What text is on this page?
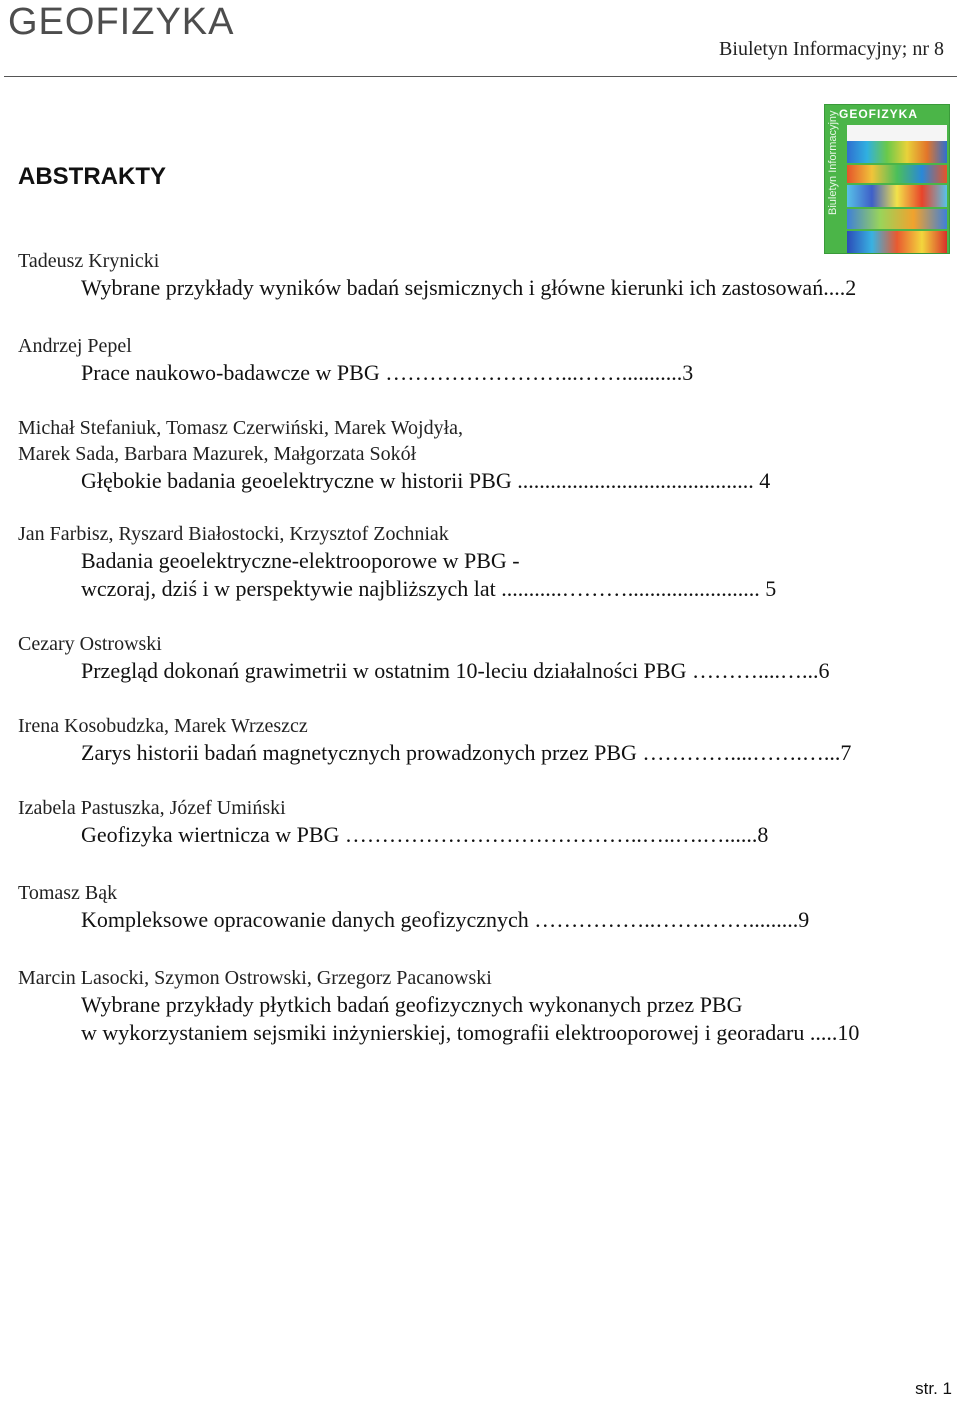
GEOFIZYKA
Biuletyn Informacyjny; nr 8
GEOFIZYKA
Biuletyn Informacyjny
ABSTRAKTY
Tadeusz Krynicki
Wybrane przykłady wyników badań sejsmicznych i główne kierunki ich zastosowań....2
Andrzej Pepel
Prace naukowo-badawcze w PBG ……………………...……...........3
Michał Stefaniuk, Tomasz Czerwiński, Marek Wojdyła,
Marek Sada, Barbara Mazurek, Małgorzata Sokół
Głębokie badania geoelektryczne w historii PBG ........................................... 4
Jan Farbisz, Ryszard Białostocki, Krzysztof Zochniak
Badania geoelektryczne-elektrooporowe w PBG -
wczoraj, dziś i w perspektywie najbliższych lat ...........………........................ 5
Cezary Ostrowski
Przegląd dokonań grawimetrii w ostatnim 10-leciu działalności PBG ………....…...6
Irena Kosobudzka, Marek Wrzeszcz
Zarys historii badań magnetycznych prowadzonych przez PBG …………....…….…...7
Izabela Pastuszka, Józef Umiński
Geofizyka wiertnicza w PBG …………………………………..…..….…......8
Tomasz Bąk
Kompleksowe opracowanie danych geofizycznych ……………..…….…….........9
Marcin Lasocki, Szymon Ostrowski, Grzegorz Pacanowski
Wybrane przykłady płytkich badań geofizycznych wykonanych przez PBG
w wykorzystaniem sejsmiki inżynierskiej, tomografii elektrooporowej i georadaru .....10
str. 1
